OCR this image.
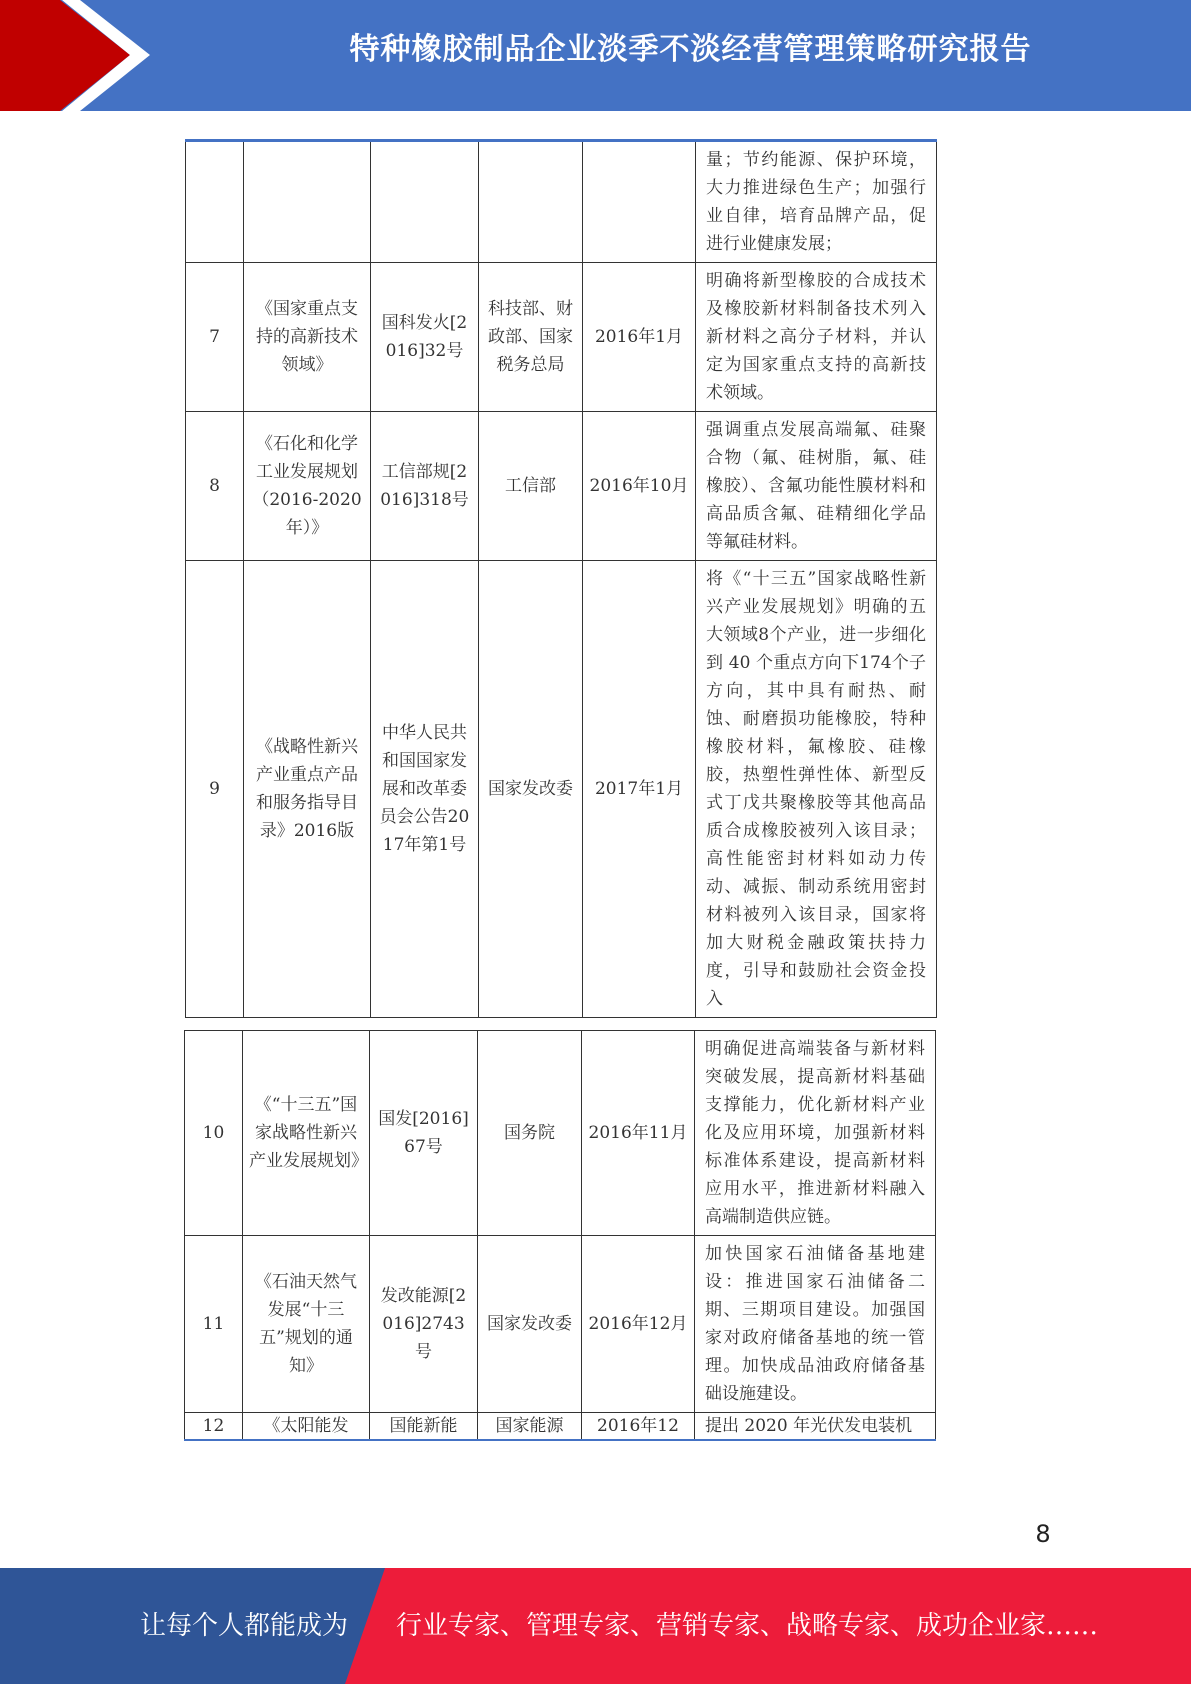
特种橡胶制品企业淡季不淡经营管理策略研究报告
					量；节约能源、保护环境，大力推进绿色生产；加强行业自律，培育品牌产品，促进行业健康发展；
7	《国家重点支持的高新技术领域》	国科发火[2016]32号	科技部、财政部、国家税务总局	2016年1月	明确将新型橡胶的合成技术及橡胶新材料制备技术列入新材料之高分子材料，并认定为国家重点支持的高新技术领域。
8	《石化和化学工业发展规划（2016-2020年）》	工信部规[2016]318号	工信部	2016年10月	强调重点发展高端氟、硅聚合物（氟、硅树脂，氟、硅橡胶）、含氟功能性膜材料和高品质含氟、硅精细化学品等氟硅材料。
9	《战略性新兴产业重点产品和服务指导目录》2016版	中华人民共和国国家发展和改革委员会公告2017年第1号	国家发改委	2017年1月	将《“十三五”国家战略性新兴产业发展规划》明确的五大领域8个产业，进一步细化到 40 个重点方向下174个子方向，其中具有耐热、耐蚀、耐磨损功能橡胶，特种橡胶材料，氟橡胶、硅橡胶，热塑性弹性体、新型反式丁戊共聚橡胶等其他高品质合成橡胶被列入该目录；高性能密封材料如动力传动、减振、制动系统用密封材料被列入该目录，国家将加大财税金融政策扶持力度，引导和鼓励社会资金投入
10	《“十三五”国家战略性新兴产业发展规划》	国发[2016]67号	国务院	2016年11月	明确促进高端装备与新材料突破发展，提高新材料基础支撑能力，优化新材料产业化及应用环境，加强新材料标准体系建设，提高新材料应用水平，推进新材料融入高端制造供应链。
11	《石油天然气发展“十三五”规划的通知》	发改能源[2016]2743号	国家发改委	2016年12月	加快国家石油储备基地建设：推进国家石油储备二期、三期项目建设。加强国家对政府储备基地的统一管理。加快成品油政府储备基础设施建设。
12	《太阳能发	国能新能	国家能源	2016年12	提出 2020 年光伏发电装机
8
让每个人都能成为	行业专家、管理专家、营销专家、战略专家、成功企业家……
